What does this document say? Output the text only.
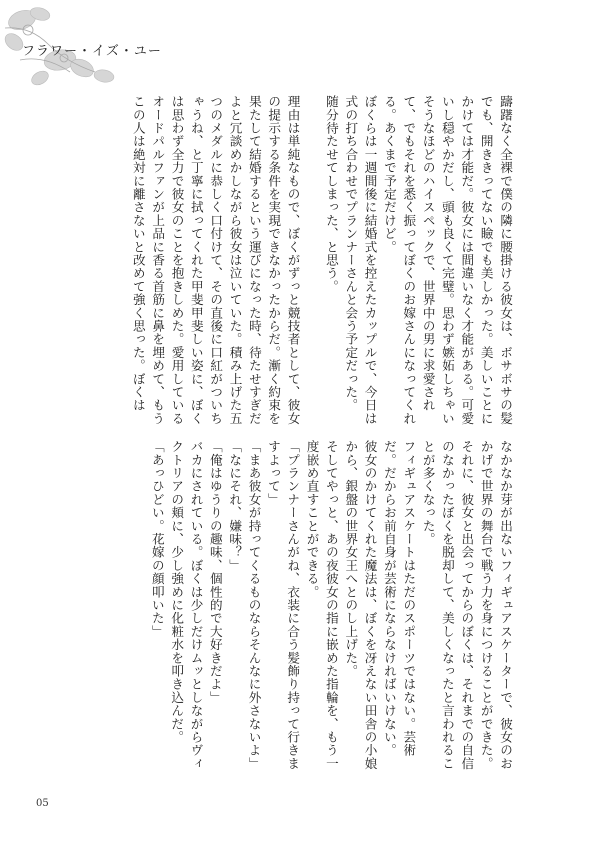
フラワー・イズ・ユー

躊躇なく全裸で僕の隣に腰掛ける彼女は、ボサボサの髪でも、開ききってない瞼でも美しかった。美しいことにかけては才能だ。彼女には間違いなく才能がある。可愛いし穏やかだし、頭も良くて完璧。思わず嫉妬しちゃいそうなほどのハイスペックで、世界中の男に求愛されて、でもそれを悉く振ってぼくのお嫁さんになってくれる。あくまで予定だけど。

ぼくらは一週間後に結婚式を控えたカップルで、今日は式の打ち合わせでプランナーさんと会う予定だった。

随分待たせてしまった、と思う。

理由は単純なもので、ぼくがずっと競技者として、彼女の提示する条件を実現できなかったからだ。漸く約束を果たして結婚するという運びになった時、待たせすぎだよと冗談めかしながら彼女は泣いていた。積み上げた五つのメダルに恭しく口付けて、その直後に口紅がついちゃうね、と丁寧に拭ってくれた甲斐甲斐しい姿に、ぼくは思わず全力で彼女のことを抱きしめた。愛用しているオードパルファンが上品に香る首筋に鼻を埋めて、もうこの人は絶対に離さないと改めて強く思った。ぼくは

なかなか芽が出ないフィギュアスケーターで、彼女のおかげで世界の舞台で戦う力を身につけることができた。それに、彼女と出会ってからのぼくは、それまでの自信のなかったぼくを脱却して、美しくなったと言われることが多くなった。

フィギュアスケートはただのスポーツではない。芸術だ。だからお前自身が芸術にならなければいけない。

彼女のかけてくれた魔法は、ぼくを冴えない田舎の小娘から、銀盤の世界女王へとのし上げた。

そしてやっと、あの夜彼女の指に嵌めた指輪を、もう一度嵌め直すことができる。

「プランナーさんがね、衣装に合う髪飾り持って行きますよって」

「まあ彼女が持ってくるものならそんなに外さないよ」

「なにそれ、嫌味？」

「俺はゆうりの趣味、個性的で大好きだよ」

バカにされている。ぼくは少しだけムッとしながらヴィクトリアの頬に、少し強めに化粧水を叩き込んだ。

「あっひどい。花嫁の顔叩いた」

05
